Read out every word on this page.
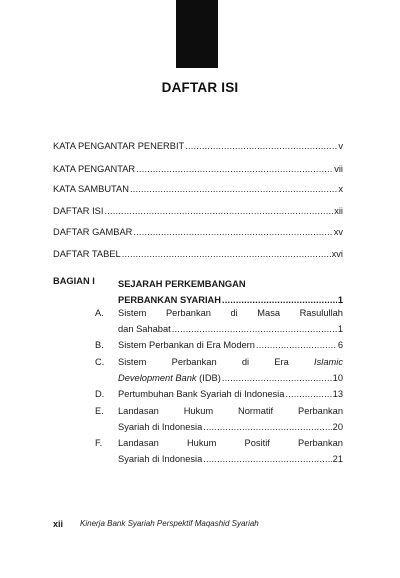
DAFTAR ISI
KATA PENGANTAR PENERBIT . . .	v
KATA PENGANTAR . . .	vii
KATA SAMBUTAN . . .	x
DAFTAR ISI . . .	xii
DAFTAR GAMBAR . . .	xv
DAFTAR TABEL . . .	xvi
BAGIAN I SEJARAH PERKEMBANGAN
PERBANKAN SYARIAH . . .	1
A.	Sistem Perbankan di Masa Rasulullah
dan Sahabat . . .	1
B.	Sistem Perbankan di Era Modern . . .	6
C.	Sistem	Perbankan	di	Era	Islamic
Development Bank (IDB) . . .	10
D.	Pertumbuhan Bank Syariah di Indonesia . . .	13
E.	Landasan	Hukum	Normatif	Perbankan
Syariah di Indonesia . . .	20
F.	Landasan	Hukum	Positif	Perbankan
Syariah di Indonesia . . .	21
xii Kinerja Bank Syariah Perspektif Maqashid Syariah
